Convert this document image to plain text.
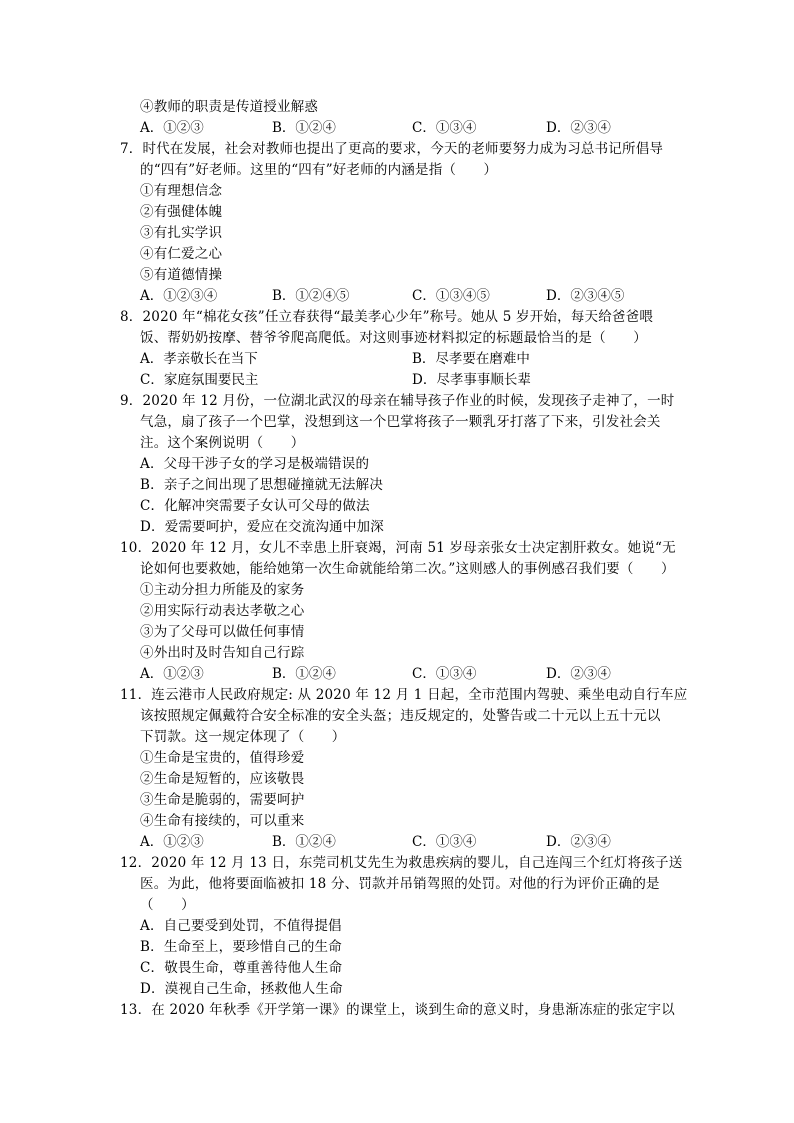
④教师的职责是传道授业解惑
A．①②③	B．①②④	C．①③④	D．②③④
7．时代在发展，社会对教师也提出了更高的要求，今天的老师要努力成为习总书记所倡导
的“四有”好老师。这里的“四有”好老师的内涵是指（　　）
①有理想信念
②有强健体魄
③有扎实学识
④有仁爱之心
⑤有道德情操
A．①②③④	B．①②④⑤	C．①③④⑤	D．②③④⑤
8．2020 年“棉花女孩”任立春获得“最美孝心少年”称号。她从 5 岁开始，每天给爸爸喂
饭、帮奶奶按摩、替爷爷爬高爬低。对这则事迹材料拟定的标题最恰当的是（　　）
A．孝亲敬长在当下	B．尽孝要在磨难中
C．家庭氛围要民主	D．尽孝事事顺长辈
9．2020 年 12 月份，一位湖北武汉的母亲在辅导孩子作业的时候，发现孩子走神了，一时
气急，扇了孩子一个巴掌，没想到这一个巴掌将孩子一颗乳牙打落了下来，引发社会关
注。这个案例说明（　　）
A．父母干涉子女的学习是极端错误的
B．亲子之间出现了思想碰撞就无法解决
C．化解冲突需要子女认可父母的做法
D．爱需要呵护，爱应在交流沟通中加深
10．2020 年 12 月，女儿不幸患上肝衰竭，河南 51 岁母亲张女士决定割肝救女。她说“无
论如何也要救她，能给她第一次生命就能给第二次。”这则感人的事例感召我们要（　　）
①主动分担力所能及的家务
②用实际行动表达孝敬之心
③为了父母可以做任何事情
④外出时及时告知自己行踪
A．①②③	B．①②④	C．①③④	D．②③④
11．连云港市人民政府规定: 从 2020 年 12 月 1 日起，全市范围内驾驶、乘坐电动自行车应
该按照规定佩戴符合安全标准的安全头盔；违反规定的，处警告或二十元以上五十元以
下罚款。这一规定体现了（　　）
①生命是宝贵的，值得珍爱
②生命是短暂的，应该敬畏
③生命是脆弱的，需要呵护
④生命有接续的，可以重来
A．①②③	B．①②④	C．①③④	D．②③④
12．2020 年 12 月 13 日，东莞司机艾先生为救患疾病的婴儿，自己连闯三个红灯将孩子送
医。为此，他将要面临被扣 18 分、罚款并吊销驾照的处罚。对他的行为评价正确的是
（　　）
A．自己要受到处罚，不值得提倡
B．生命至上，要珍惜自己的生命
C．敬畏生命，尊重善待他人生命
D．漠视自己生命，拯救他人生命
13．在 2020 年秋季《开学第一课》的课堂上，谈到生命的意义时，身患渐冻症的张定宇以
